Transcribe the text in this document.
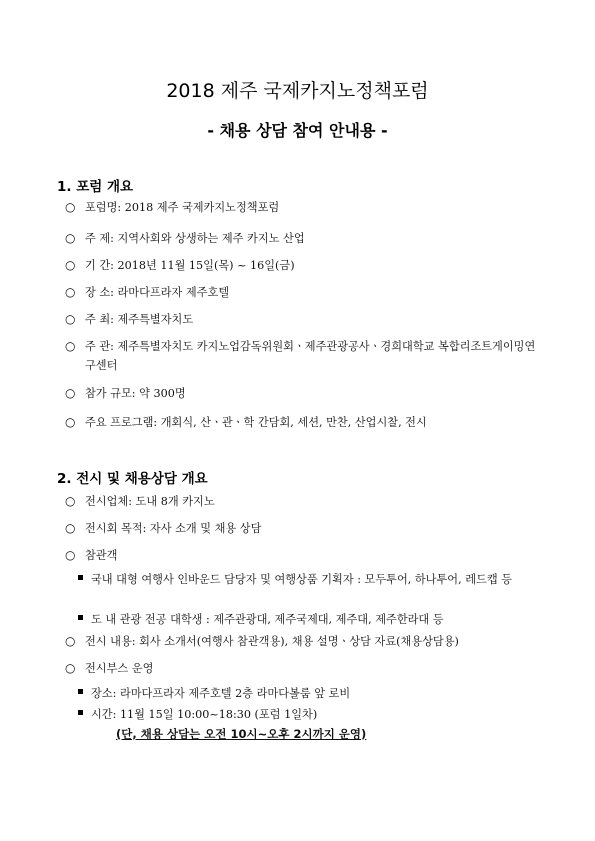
2018 제주 국제카지노정책포럼
- 채용 상담 참여 안내용 -
1. 포럼 개요
○ 포럼명: 2018 제주 국제카지노정책포럼
○ 주 제: 지역사회와 상생하는 제주 카지노 산업
○ 기 간: 2018년 11월 15일(목) ~ 16일(금)
○ 장 소: 라마다프라자 제주호텔
○ 주 최: 제주특별자치도
○ 주 관: 제주특별자치도 카지노업감독위원회ㆍ제주관광공사ㆍ경희대학교 복합리조트게이밍연구센터
○ 참가 규모: 약 300명
○ 주요 프로그램: 개회식, 산ㆍ관ㆍ학 간담회, 세션, 만찬, 산업시찰, 전시
2. 전시 및 채용상담 개요
○ 전시업체: 도내 8개 카지노
○ 전시회 목적: 자사 소개 및 채용 상담
○ 참관객
국내 대형 여행사 인바운드 담당자 및 여행상품 기획자 : 모두투어, 하나투어, 레드캡 등
도 내 관광 전공 대학생 : 제주관광대, 제주국제대, 제주대, 제주한라대 등
○ 전시 내용: 회사 소개서(여행사 참관객용), 채용 설명ㆍ상담 자료(채용상담용)
○ 전시부스 운영
장소: 라마다프라자 제주호텔 2층 라마다볼룸 앞 로비
시간: 11월 15일 10:00~18:30 (포럼 1일차)
(단, 채용 상담는 오전 10시~오후 2시까지 운영)
